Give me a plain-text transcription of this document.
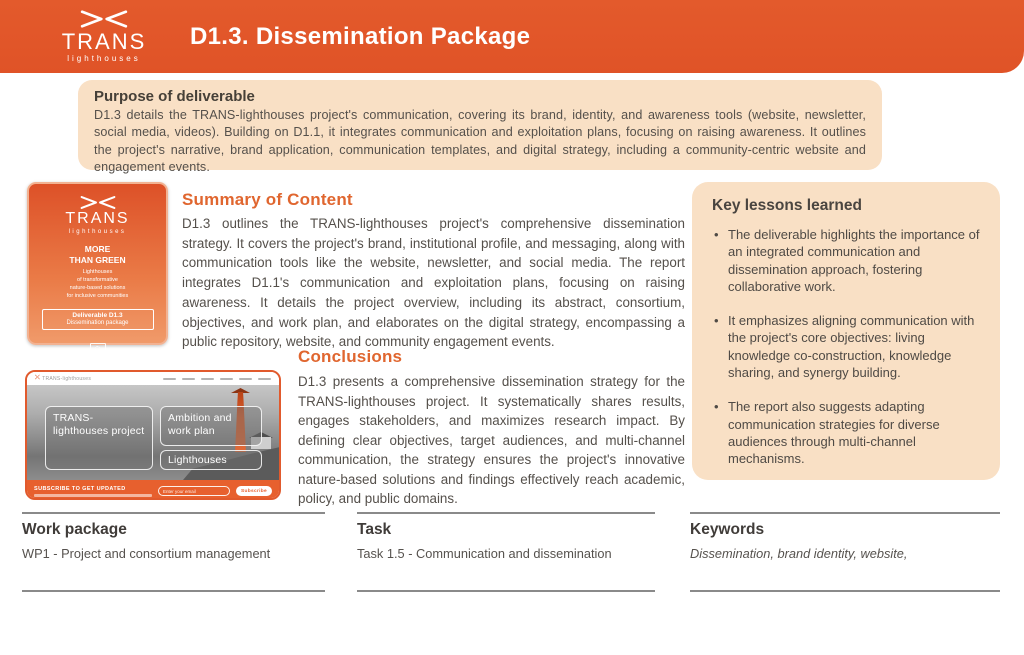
TRANS
lighthouses
D1.3. Dissemination Package
Purpose of deliverable
D1.3 details the TRANS-lighthouses project's communication, covering its brand, identity, and awareness tools (website, newsletter, social media, videos). Building on D1.1, it integrates communication and exploitation plans, focusing on raising awareness. It outlines the project's narrative, brand application, communication templates, and digital strategy, including a community-centric website and engagement events.
TRANS
lighthouses
MORE
THAN GREEN
Lighthouses
of transformative
nature-based solutions
for inclusive communities
Deliverable D1.3
Dissemination package
Summary of Content
D1.3 outlines the TRANS-lighthouses project's comprehensive dissemination strategy. It covers the project's brand, institutional profile, and messaging, along with communication tools like the website, newsletter, and social media. The report integrates D1.1's communication and exploitation plans, focusing on raising awareness. It details the project overview, including its abstract, consortium, objectives, and work plan, and elaborates on the digital strategy, encompassing a public repository, website, and community engagement events.
Conclusions
D1.3 presents a comprehensive dissemination strategy for the TRANS-lighthouses project. It systematically shares results, engages stakeholders, and maximizes research impact. By defining clear objectives, target audiences, and multi-channel communication, the strategy ensures the project's innovative nature-based solutions and findings effectively reach academic, policy, and public domains.
Key lessons learned
• The deliverable highlights the importance of an integrated communication and dissemination approach, fostering collaborative work.
• It emphasizes aligning communication with the project's core objectives: living knowledge co-construction, knowledge sharing, and synergy building.
• The report also suggests adapting communication strategies for diverse audiences through multi-channel mechanisms.
⤫ TRANS-lighthouses
TRANS-lighthouses project
Ambition and work plan
Lighthouses
SUBSCRIBE TO GET UPDATED	Enter your email	Subscribe
Work package
WP1 - Project and consortium management
Task
Task 1.5 - Communication and dissemination
Keywords
Dissemination, brand identity, website,
